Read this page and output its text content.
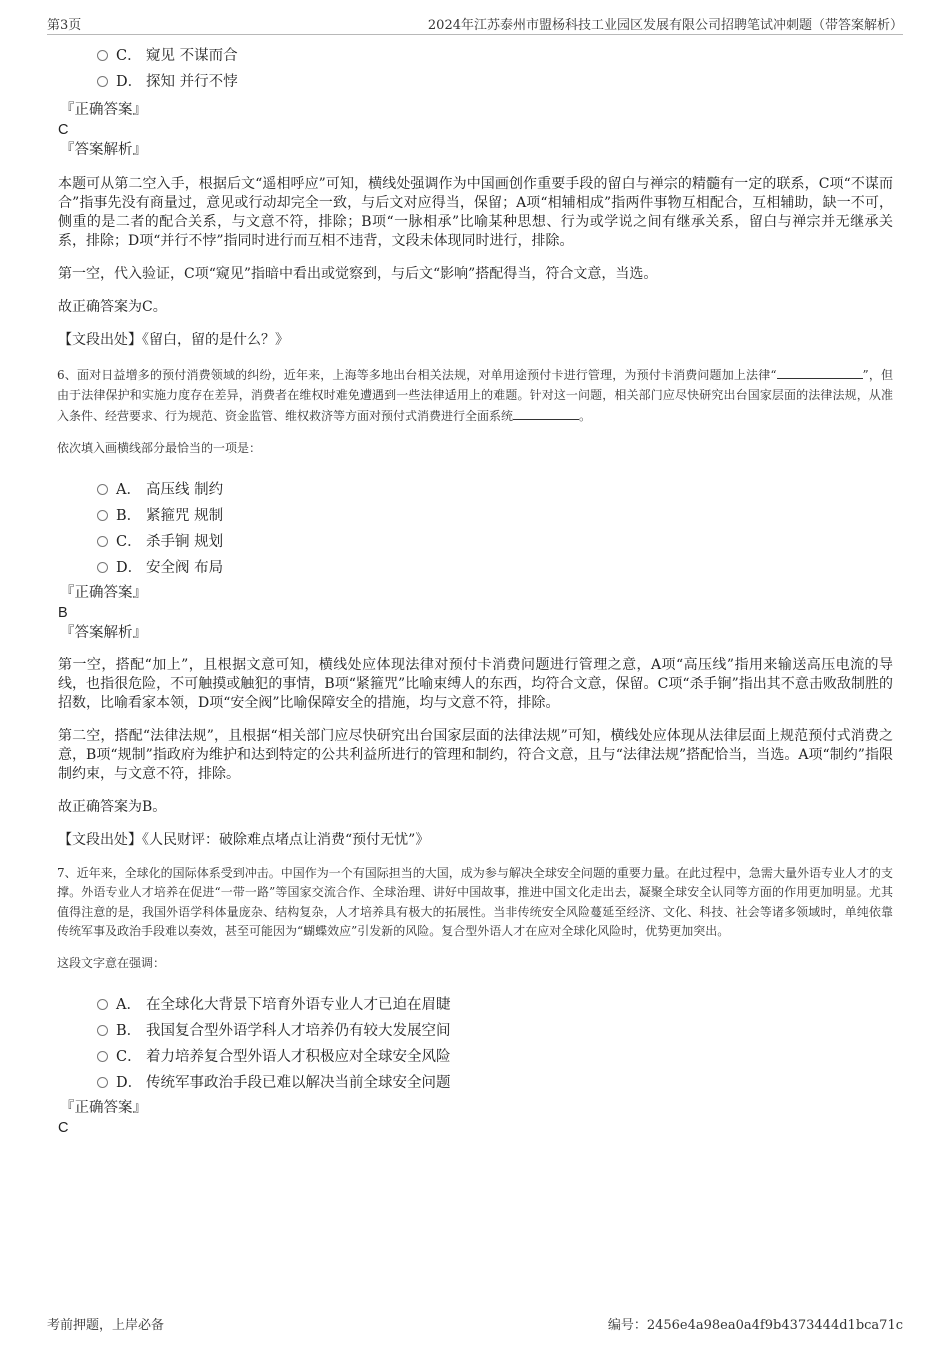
第3页	2024年江苏泰州市盟杨科技工业园区发展有限公司招聘笔试冲刺题（带答案解析）
C． 窥见 不谋而合
D． 探知 并行不悖
『正确答案』
C
『答案解析』
本题可从第二空入手，根据后文“遥相呼应”可知，横线处强调作为中国画创作重要手段的留白与禅宗的精髓有一定的联系，C项“不谋而合”指事先没有商量过，意见或行动却完全一致，与后文对应得当，保留；A项“相辅相成”指两件事物互相配合，互相辅助，缺一不可，侧重的是二者的配合关系，与文意不符，排除；B项“一脉相承”比喻某种思想、行为或学说之间有继承关系，留白与禅宗并无继承关系，排除；D项“并行不悖”指同时进行而互相不违背，文段未体现同时进行，排除。
第一空，代入验证，C项“窥见”指暗中看出或觉察到，与后文“影响”搭配得当，符合文意，当选。
故正确答案为C。
【文段出处】《留白，留的是什么？》
6、面对日益增多的预付消费领域的纠纷，近年来，上海等多地出台相关法规，对单用途预付卡进行管理，为预付卡消费问题加上法律“	”，但由于法律保护和实施力度存在差异，消费者在维权时难免遭遇到一些法律适用上的难题。针对这一问题，相关部门应尽快研究出台国家层面的法律法规，从准入条件、经营要求、行为规范、资金监管、维权救济等方面对预付式消费进行全面系统	。
依次填入画横线部分最恰当的一项是：
A． 高压线 制约
B． 紧箍咒 规制
C． 杀手锏 规划
D． 安全阀 布局
『正确答案』
B
『答案解析』
第一空，搭配“加上”，且根据文意可知，横线处应体现法律对预付卡消费问题进行管理之意，A项“高压线”指用来输送高压电流的导线，也指很危险，不可触摸或触犯的事情，B项“紧箍咒”比喻束缚人的东西，均符合文意，保留。C项“杀手锏”指出其不意击败敌制胜的招数，比喻看家本领，D项“安全阀”比喻保障安全的措施，均与文意不符，排除。
第二空，搭配“法律法规”，且根据“相关部门应尽快研究出台国家层面的法律法规”可知，横线处应体现从法律层面上规范预付式消费之意，B项“规制”指政府为维护和达到特定的公共利益所进行的管理和制约，符合文意，且与“法律法规”搭配恰当，当选。A项“制约”指限制约束，与文意不符，排除。
故正确答案为B。
【文段出处】《人民财评：破除难点堵点让消费“预付无忧”》
7、近年来，全球化的国际体系受到冲击。中国作为一个有国际担当的大国，成为参与解决全球安全问题的重要力量。在此过程中，急需大量外语专业人才的支撑。外语专业人才培养在促进“一带一路”等国家交流合作、全球治理、讲好中国故事，推进中国文化走出去，凝聚全球安全认同等方面的作用更加明显。尤其值得注意的是，我国外语学科体量庞杂、结构复杂，人才培养具有极大的拓展性。当非传统安全风险蔓延至经济、文化、科技、社会等诸多领域时，单纯依靠传统军事及政治手段难以奏效，甚至可能因为“蝴蝶效应”引发新的风险。复合型外语人才在应对全球化风险时，优势更加突出。
这段文字意在强调：
A． 在全球化大背景下培育外语专业人才已迫在眉睫
B． 我国复合型外语学科人才培养仍有较大发展空间
C． 着力培养复合型外语人才积极应对全球安全风险
D． 传统军事政治手段已难以解决当前全球安全问题
『正确答案』
C
考前押题，上岸必备	编号：2456e4a98ea0a4f9b4373444d1bca71c
